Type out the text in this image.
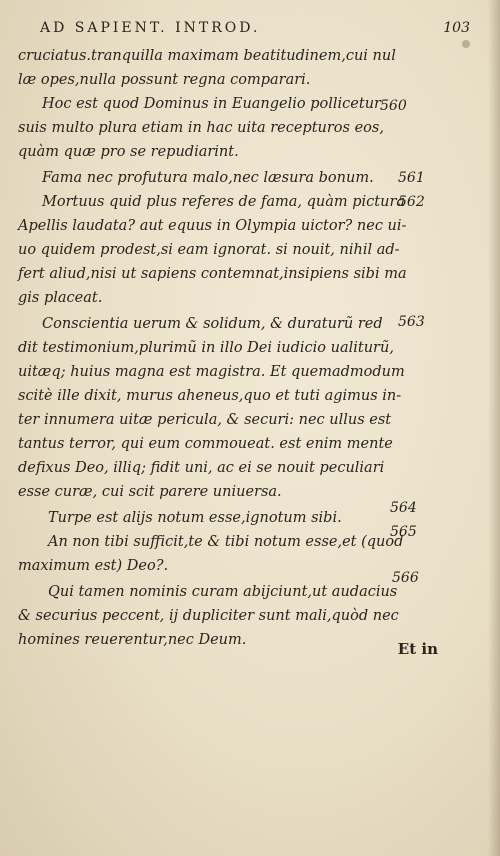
AD SAPIENT. INTROD.	103
cruciatus.tranquilla maximam beatitudinem,cui nul
læ opes,nulla possunt regna comparari.
Hoc est quod Dominus in Euangelio pollicetur
suis multo plura etiam in hac uita recepturos eos,
quàm quæ pro se repudiarint.
Fama nec profutura malo,nec læsura bonum.
Mortuus quid plus referes de fama, quàm pictura
Apellis laudata? aut equus in Olympia uictor? nec ui-
uo quidem prodest,si eam ignorat. si nouit, nihil ad-
fert aliud,nisi ut sapiens contemnat,insipiens sibi ma
gis placeat.
Conscientia uerum & solidum, & duraturũ red
dit testimonium,plurimũ in illo Dei iudicio ualiturũ,
uitæq; huius magna est magistra. Et quemadmodum
scitè ille dixit, murus aheneus,quo et tuti agimus in-
ter innumera uitæ pericula, & securi: nec ullus est
tantus terror, qui eum commoueat. est enim mente
defixus Deo, illiq; fidit uni, ac ei se nouit peculiari
esse curæ, cui scit parere uniuersa.
Turpe est alijs notum esse,ignotum sibi.
An non tibi sufficit,te & tibi notum esse,et (quod
maximum est) Deo?.
Qui tamen nominis curam abijciunt,ut audacius
& securius peccent, ij dupliciter sunt mali,quòd nec
homines reuerentur,nec Deum.
560
561
562
563
564
565
566
Et in
